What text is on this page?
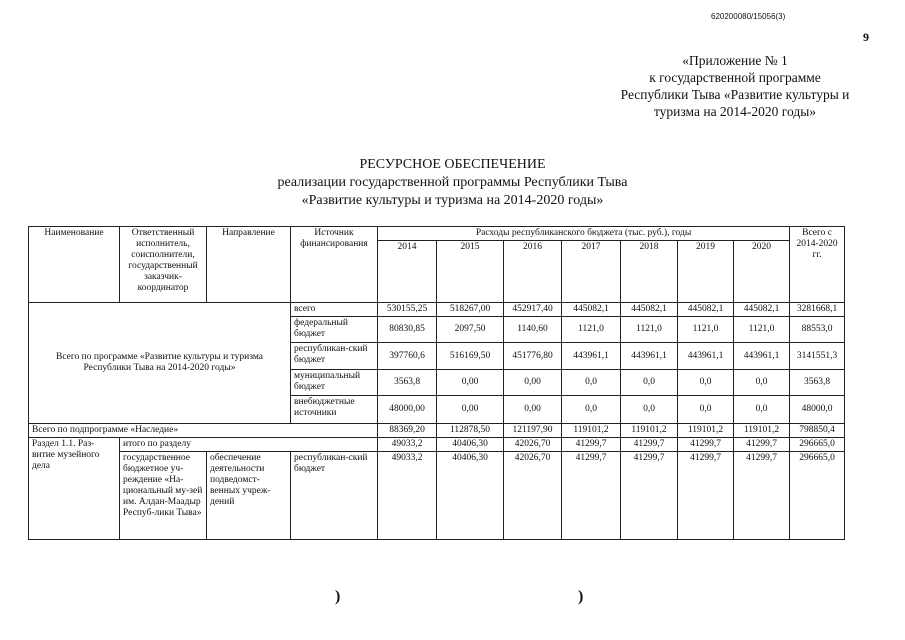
620200080/15056(3)
9
«Приложение № 1
к государственной программе
Республики Тыва «Развитие культуры и
туризма на 2014-2020 годы»
РЕСУРСНОЕ ОБЕСПЕЧЕНИЕ
реализации государственной программы Республики Тыва
«Развитие культуры и туризма на 2014-2020 годы»
Наименование	Ответственный исполнитель, соисполнители, государственный заказчик-координатор	Направление	Источник финансирования	Расходы республиканского бюджета (тыс. руб.), годы							Всего с 2014-2020 гг.
				2014	2015	2016	2017	2018	2019	2020	
Всего по программе «Развитие культуры и туризма Республики Тыва на 2014-2020 годы»			всего	530155,25	518267,00	452917,40	445082,1	445082,1	445082,1	445082,1	3281668,1
			федеральный бюджет	80830,85	2097,50	1140,60	1121,0	1121,0	1121,0	1121,0	88553,0
			республикан-ский бюджет	397760,6	516169,50	451776,80	443961,1	443961,1	443961,1	443961,1	3141551,3
			муниципальный бюджет	3563,8	0,00	0,00	0,0	0,0	0,0	0,0	3563,8
			внебюджетные источники	48000,00	0,00	0,00	0,0	0,0	0,0	0,0	48000,0
Всего по подпрограмме «Наследие»				88369,20	112878,50	121197,90	119101,2	119101,2	119101,2	119101,2	798850,4
Раздел 1.1. Раз-витие музейного дела	итого по разделу			49033,2	40406,30	42026,70	41299,7	41299,7	41299,7	41299,7	296665,0
	государственное бюджетное уч-реждение «На-циональный му-зей им. Алдан-Маадыр Респуб-лики Тыва»	обеспечение деятельности подведомст-венных учреж-дений	республикан-ский бюджет	49033,2	40406,30	42026,70	41299,7	41299,7	41299,7	41299,7	296665,0
)	)
